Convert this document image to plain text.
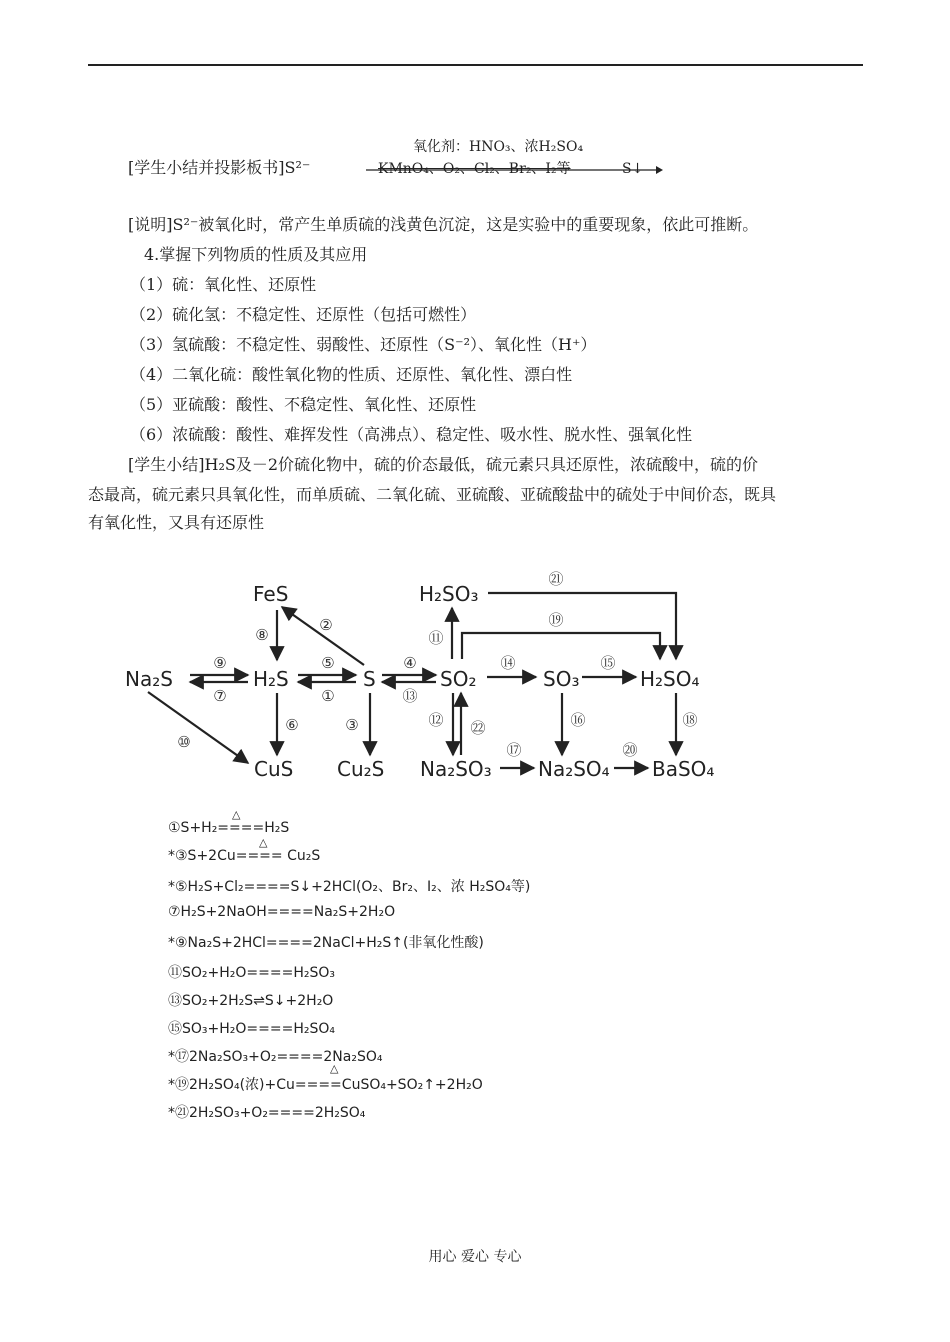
氧化剂：HNO₃、浓H₂SO₄
[学生小结并投影板书]S²⁻	KMnO₄、O₂、Cl₂、Br₂、I₂等	S↓
[说明]S²⁻被氧化时，常产生单质硫的浅黄色沉淀，这是实验中的重要现象，依此可推断。
4.掌握下列物质的性质及其应用
（1）硫：氧化性、还原性
（2）硫化氢：不稳定性、还原性（包括可燃性）
（3）氢硫酸：不稳定性、弱酸性、还原性（S⁻²）、氧化性（H⁺）
（4）二氧化硫：酸性氧化物的性质、还原性、氧化性、漂白性
（5）亚硫酸：酸性、不稳定性、氧化性、还原性
（6）浓硫酸：酸性、难挥发性（高沸点）、稳定性、吸水性、脱水性、强氧化性
[学生小结]H₂S及－2价硫化物中，硫的价态最低，硫元素只具还原性，浓硫酸中，硫的价
态最高，硫元素只具氧化性，而单质硫、二氧化硫、亚硫酸、亚硫酸盐中的硫处于中间价态，既具
有氧化性，又具有还原性
FeS	H₂SO₃
Na₂S	H₂S	S	SO₂	SO₃	H₂SO₄
CuS Cu₂S Na₂SO₃ Na₂SO₄ BaSO₄
㉑
⑲
⑧
②
⑪
⑨
⑦
⑤
①
④
⑬
⑭	⑮
⑥	③
⑩
⑫ ㉒	⑯	⑱
⑰	⑳
△
①S+H₂====H₂S
△
*③S+2Cu==== Cu₂S
*⑤H₂S+Cl₂====S↓+2HCl(O₂、Br₂、I₂、浓 H₂SO₄等)
⑦H₂S+2NaOH====Na₂S+2H₂O
*⑨Na₂S+2HCl====2NaCl+H₂S↑(非氧化性酸)
⑪SO₂+H₂O====H₂SO₃
⑬SO₂+2H₂S⇌S↓+2H₂O
⑮SO₃+H₂O====H₂SO₄
*⑰2Na₂SO₃+O₂====2Na₂SO₄
△
*⑲2H₂SO₄(浓)+Cu====CuSO₄+SO₂↑+2H₂O
*㉑2H₂SO₃+O₂====2H₂SO₄
用心 爱心 专心
